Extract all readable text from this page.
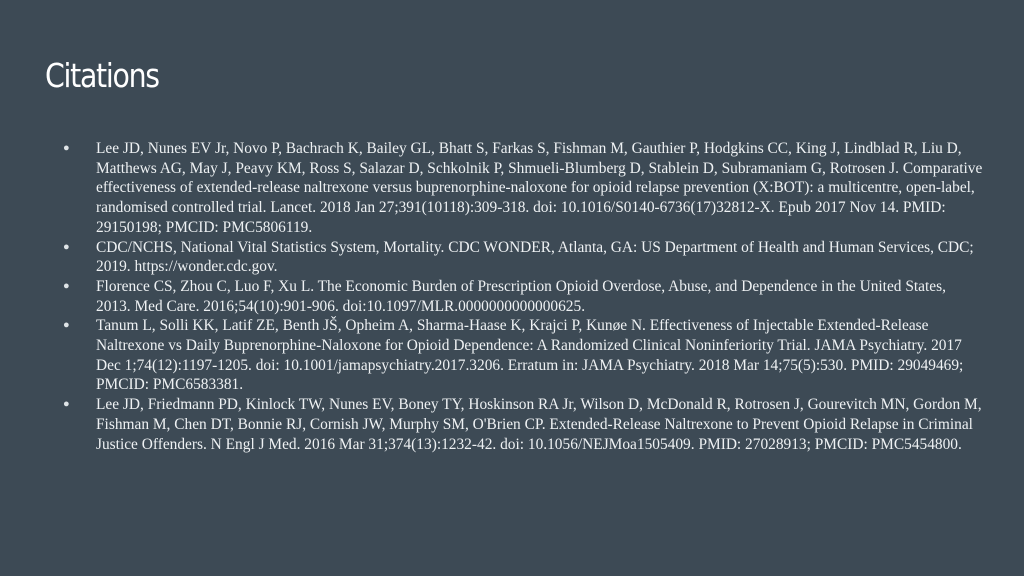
Citations
● Lee JD, Nunes EV Jr, Novo P, Bachrach K, Bailey GL, Bhatt S, Farkas S, Fishman M, Gauthier P, Hodgkins CC, King J, Lindblad R, Liu D, Matthews AG, May J, Peavy KM, Ross S, Salazar D, Schkolnik P, Shmueli-Blumberg D, Stablein D, Subramaniam G, Rotrosen J. Comparative effectiveness of extended-release naltrexone versus buprenorphine-naloxone for opioid relapse prevention (X:BOT): a multicentre, open-label, randomised controlled trial. Lancet. 2018 Jan 27;391(10118):309-318. doi: 10.1016/S0140-6736(17)32812-X. Epub 2017 Nov 14. PMID: 29150198; PMCID: PMC5806119.
● CDC/NCHS, National Vital Statistics System, Mortality. CDC WONDER, Atlanta, GA: US Department of Health and Human Services, CDC; 2019. https://wonder.cdc.gov.
● Florence CS, Zhou C, Luo F, Xu L. The Economic Burden of Prescription Opioid Overdose, Abuse, and Dependence in the United States, 2013. Med Care. 2016;54(10):901-906. doi:10.1097/MLR.0000000000000625.
● Tanum L, Solli KK, Latif ZE, Benth JŠ, Opheim A, Sharma-Haase K, Krajci P, Kunøe N. Effectiveness of Injectable Extended-Release Naltrexone vs Daily Buprenorphine-Naloxone for Opioid Dependence: A Randomized Clinical Noninferiority Trial. JAMA Psychiatry. 2017 Dec 1;74(12):1197-1205. doi: 10.1001/jamapsychiatry.2017.3206. Erratum in: JAMA Psychiatry. 2018 Mar 14;75(5):530. PMID: 29049469; PMCID: PMC6583381.
● Lee JD, Friedmann PD, Kinlock TW, Nunes EV, Boney TY, Hoskinson RA Jr, Wilson D, McDonald R, Rotrosen J, Gourevitch MN, Gordon M, Fishman M, Chen DT, Bonnie RJ, Cornish JW, Murphy SM, O'Brien CP. Extended-Release Naltrexone to Prevent Opioid Relapse in Criminal Justice Offenders. N Engl J Med. 2016 Mar 31;374(13):1232-42. doi: 10.1056/NEJMoa1505409. PMID: 27028913; PMCID: PMC5454800.
